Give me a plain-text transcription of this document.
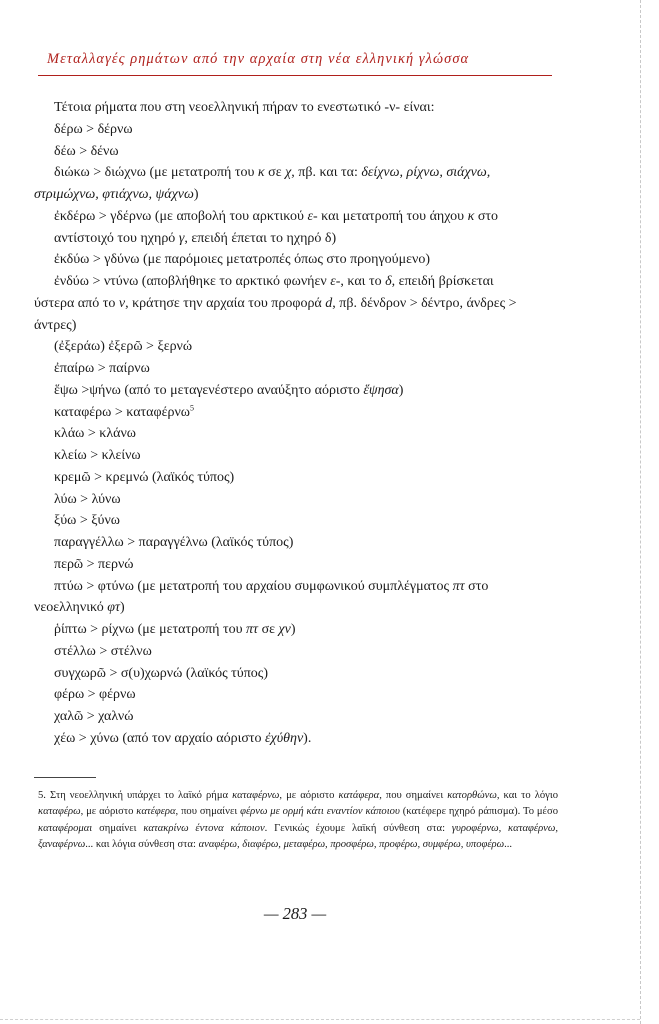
Μεταλλαγές ρημάτων από την αρχαία στη νέα ελληνική γλώσσα

Τέτοια ρήματα που στη νεοελληνική πήραν το ενεστωτικό -ν- είναι:

δέρω > δέρνω

δέω > δένω

διώκω > διώχνω (με μετατροπή του κ σε χ, πβ. και τα: δείχνω, ρίχνω, σιάχνω,

στριμώχνω, φτιάχνω, ψάχνω)

ἐκδέρω > γδέρνω (με αποβολή του αρκτικού ε- και μετατροπή του άηχου κ στο

αντίστοιχό του ηχηρό γ, επειδή έπεται το ηχηρό δ)

ἐκδύω > γδύνω (με παρόμοιες μετατροπές όπως στο προηγούμενο)

ἐνδύω > ντύνω (αποβλήθηκε το αρκτικό φωνήεν ε-, και το δ, επειδή βρίσκεται

ύστερα από το ν, κράτησε την αρχαία του προφορά d, πβ. δένδρον > δέντρο, άνδρες >

άντρες)

(ἐξεράω) ἐξερῶ > ξερνώ

ἐπαίρω > παίρνω

ἕψω >ψήνω (από το μεταγενέστερο αναύξητο αόριστο ἕψησα)

καταφέρω > καταφέρνω$^5$

κλάω > κλάνω

κλείω > κλείνω

κρεμῶ > κρεμνώ (λαϊκός τύπος)

λύω > λύνω

ξύω > ξύνω

παραγγέλλω > παραγγέλνω (λαϊκός τύπος)

περῶ > περνώ

πτύω > φτύνω (με μετατροπή του αρχαίου συμφωνικού συμπλέγματος πτ στο

νεοελληνικό φτ)

ῥίπτω > ρίχνω (με μετατροπή του πτ σε χν)

στέλλω > στέλνω

συγχωρῶ > σ(υ)χωρνώ (λαϊκός τύπος)

φέρω > φέρνω

χαλῶ > χαλνώ

χέω > χύνω (από τον αρχαίο αόριστο ἐχύθην).

5. Στη νεοελληνική υπάρχει το λαϊκό ρήμα καταφέρνω, με αόριστο κατάφερα, που σημαίνει κατορθώνω, και το λόγιο καταφέρω, με αόριστο κατέφερα, που σημαίνει φέρνω με ορμή κάτι εναντίον κάποιου (κατέφερε ηχηρό ράπισμα). Το μέσο καταφέρομαι σημαίνει κατακρίνω έντονα κάποιον. Γενικώς έχουμε λαϊκή σύνθεση στα: γυροφέρνω, καταφέρνω, ξαναφέρνω... και λόγια σύνθεση στα: αναφέρω, διαφέρω, μεταφέρω, προσφέρω, προφέρω, συμφέρω, υποφέρω...
— 283 —
